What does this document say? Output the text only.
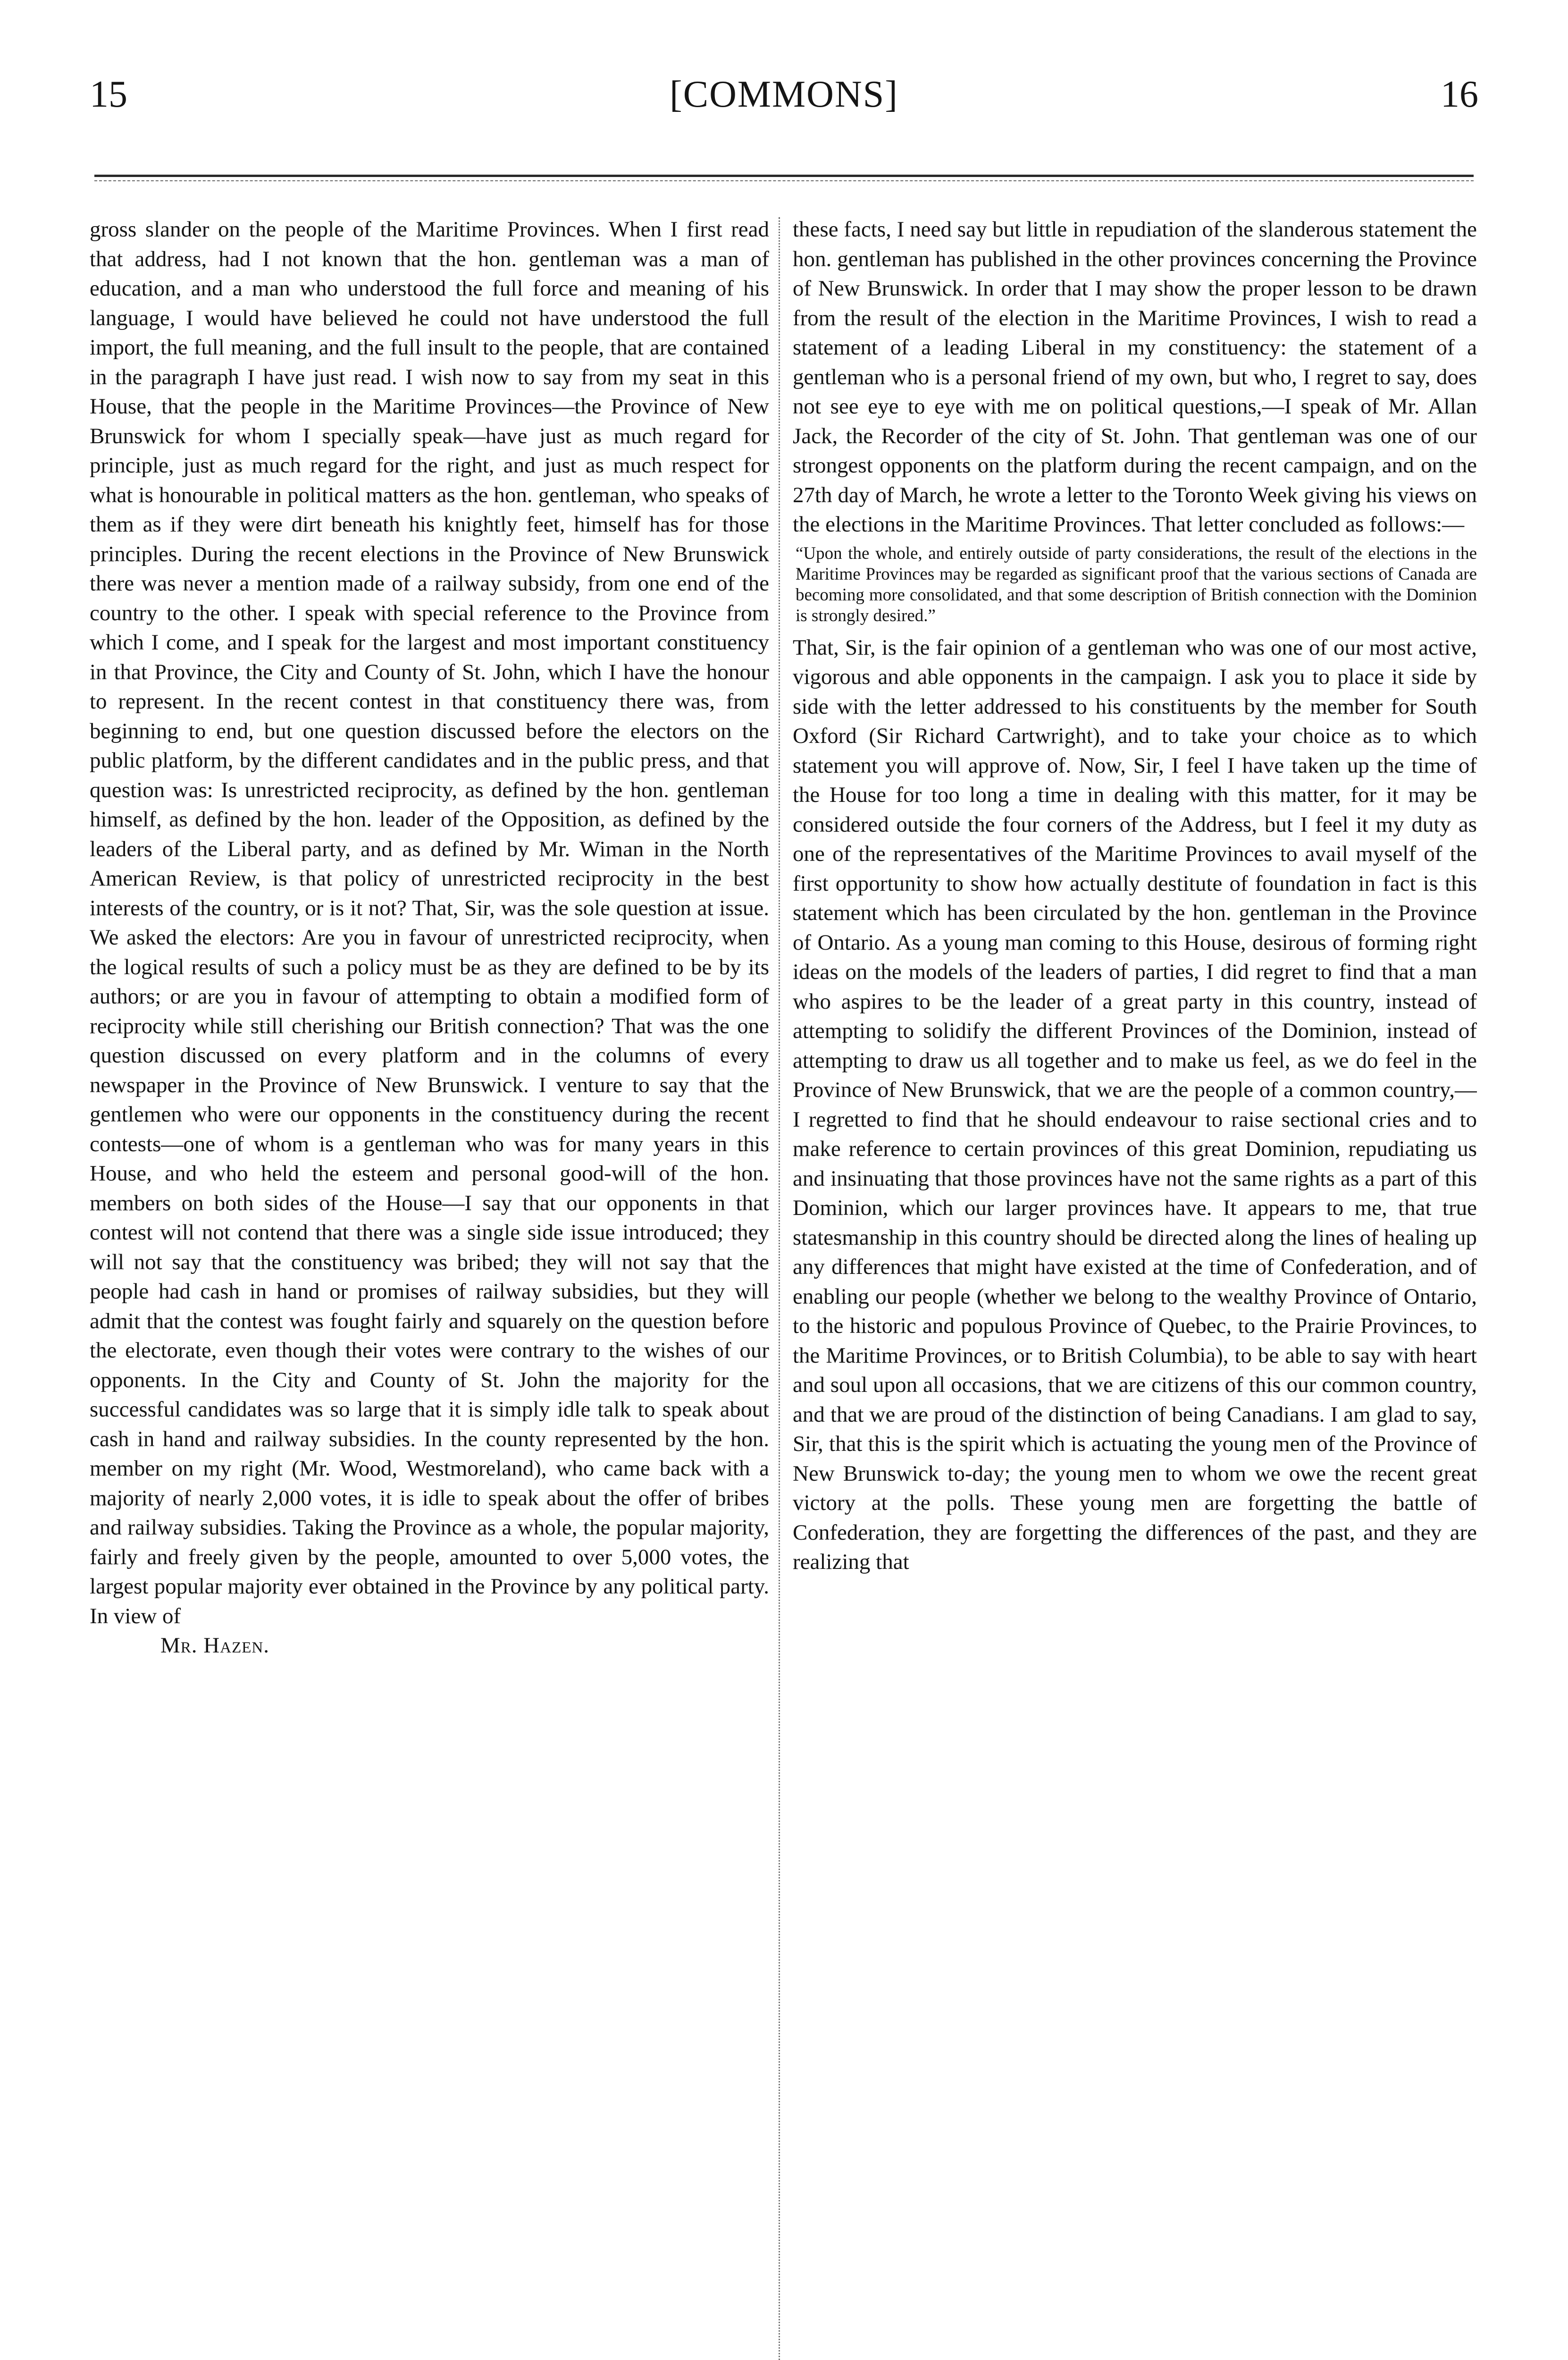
15	[COMMONS]	16

gross slander on the people of the Maritime Provinces. When I first read that address, had I not known that the hon. gentleman was a man of education, and a man who understood the full force and meaning of his language, I would have believed he could not have understood the full import, the full meaning, and the full insult to the people, that are contained in the paragraph I have just read. I wish now to say from my seat in this House, that the people in the Maritime Provinces—the Province of New Brunswick for whom I specially speak—have just as much regard for principle, just as much regard for the right, and just as much respect for what is honourable in political matters as the hon. gentleman, who speaks of them as if they were dirt beneath his knightly feet, himself has for those principles. During the recent elections in the Province of New Brunswick there was never a mention made of a railway subsidy, from one end of the country to the other. I speak with special reference to the Province from which I come, and I speak for the largest and most important constituency in that Province, the City and County of St. John, which I have the honour to represent. In the recent contest in that constituency there was, from beginning to end, but one question discussed before the electors on the public platform, by the different candidates and in the public press, and that question was: Is unrestricted reciprocity, as defined by the hon. gentleman himself, as defined by the hon. leader of the Opposition, as defined by the leaders of the Liberal party, and as defined by Mr. Wiman in the North American Review, is that policy of unrestricted reciprocity in the best interests of the country, or is it not? That, Sir, was the sole question at issue. We asked the electors: Are you in favour of unrestricted reciprocity, when the logical results of such a policy must be as they are defined to be by its authors; or are you in favour of attempting to obtain a modified form of reciprocity while still cherishing our British connection? That was the one question discussed on every platform and in the columns of every newspaper in the Province of New Brunswick. I venture to say that the gentlemen who were our opponents in the constituency during the recent contests—one of whom is a gentleman who was for many years in this House, and who held the esteem and personal good-will of the hon. members on both sides of the House—I say that our opponents in that contest will not contend that there was a single side issue introduced; they will not say that the constituency was bribed; they will not say that the people had cash in hand or promises of railway subsidies, but they will admit that the contest was fought fairly and squarely on the question before the electorate, even though their votes were contrary to the wishes of our opponents. In the City and County of St. John the majority for the successful candidates was so large that it is simply idle talk to speak about cash in hand and railway subsidies. In the county represented by the hon. member on my right (Mr. Wood, Westmoreland), who came back with a majority of nearly 2,000 votes, it is idle to speak about the offer of bribes and railway subsidies. Taking the Province as a whole, the popular majority, fairly and freely given by the people, amounted to over 5,000 votes, the largest popular majority ever obtained in the Province by any political party. In view of

Mr. Hazen.

these facts, I need say but little in repudiation of the slanderous statement the hon. gentleman has published in the other provinces concerning the Province of New Brunswick. In order that I may show the proper lesson to be drawn from the result of the election in the Maritime Provinces, I wish to read a statement of a leading Liberal in my constituency: the statement of a gentleman who is a personal friend of my own, but who, I regret to say, does not see eye to eye with me on political questions,—I speak of Mr. Allan Jack, the Recorder of the city of St. John. That gentleman was one of our strongest opponents on the platform during the recent campaign, and on the 27th day of March, he wrote a letter to the Toronto Week giving his views on the elections in the Maritime Provinces. That letter concluded as follows:—

“Upon the whole, and entirely outside of party considerations, the result of the elections in the Maritime Provinces may be regarded as significant proof that the various sections of Canada are becoming more consolidated, and that some description of British connection with the Dominion is strongly desired.”

That, Sir, is the fair opinion of a gentleman who was one of our most active, vigorous and able opponents in the campaign. I ask you to place it side by side with the letter addressed to his constituents by the member for South Oxford (Sir Richard Cartwright), and to take your choice as to which statement you will approve of. Now, Sir, I feel I have taken up the time of the House for too long a time in dealing with this matter, for it may be considered outside the four corners of the Address, but I feel it my duty as one of the representatives of the Maritime Provinces to avail myself of the first opportunity to show how actually destitute of foundation in fact is this statement which has been circulated by the hon. gentleman in the Province of Ontario. As a young man coming to this House, desirous of forming right ideas on the models of the leaders of parties, I did regret to find that a man who aspires to be the leader of a great party in this country, instead of attempting to solidify the different Provinces of the Dominion, instead of attempting to draw us all together and to make us feel, as we do feel in the Province of New Brunswick, that we are the people of a common country,—I regretted to find that he should endeavour to raise sectional cries and to make reference to certain provinces of this great Dominion, repudiating us and insinuating that those provinces have not the same rights as a part of this Dominion, which our larger provinces have. It appears to me, that true statesmanship in this country should be directed along the lines of healing up any differences that might have existed at the time of Confederation, and of enabling our people (whether we belong to the wealthy Province of Ontario, to the historic and populous Province of Quebec, to the Prairie Provinces, to the Maritime Provinces, or to British Columbia), to be able to say with heart and soul upon all occasions, that we are citizens of this our common country, and that we are proud of the distinction of being Canadians. I am glad to say, Sir, that this is the spirit which is actuating the young men of the Province of New Brunswick to-day; the young men to whom we owe the recent great victory at the polls. These young men are forgetting the battle of Confederation, they are forgetting the differences of the past, and they are realizing that
